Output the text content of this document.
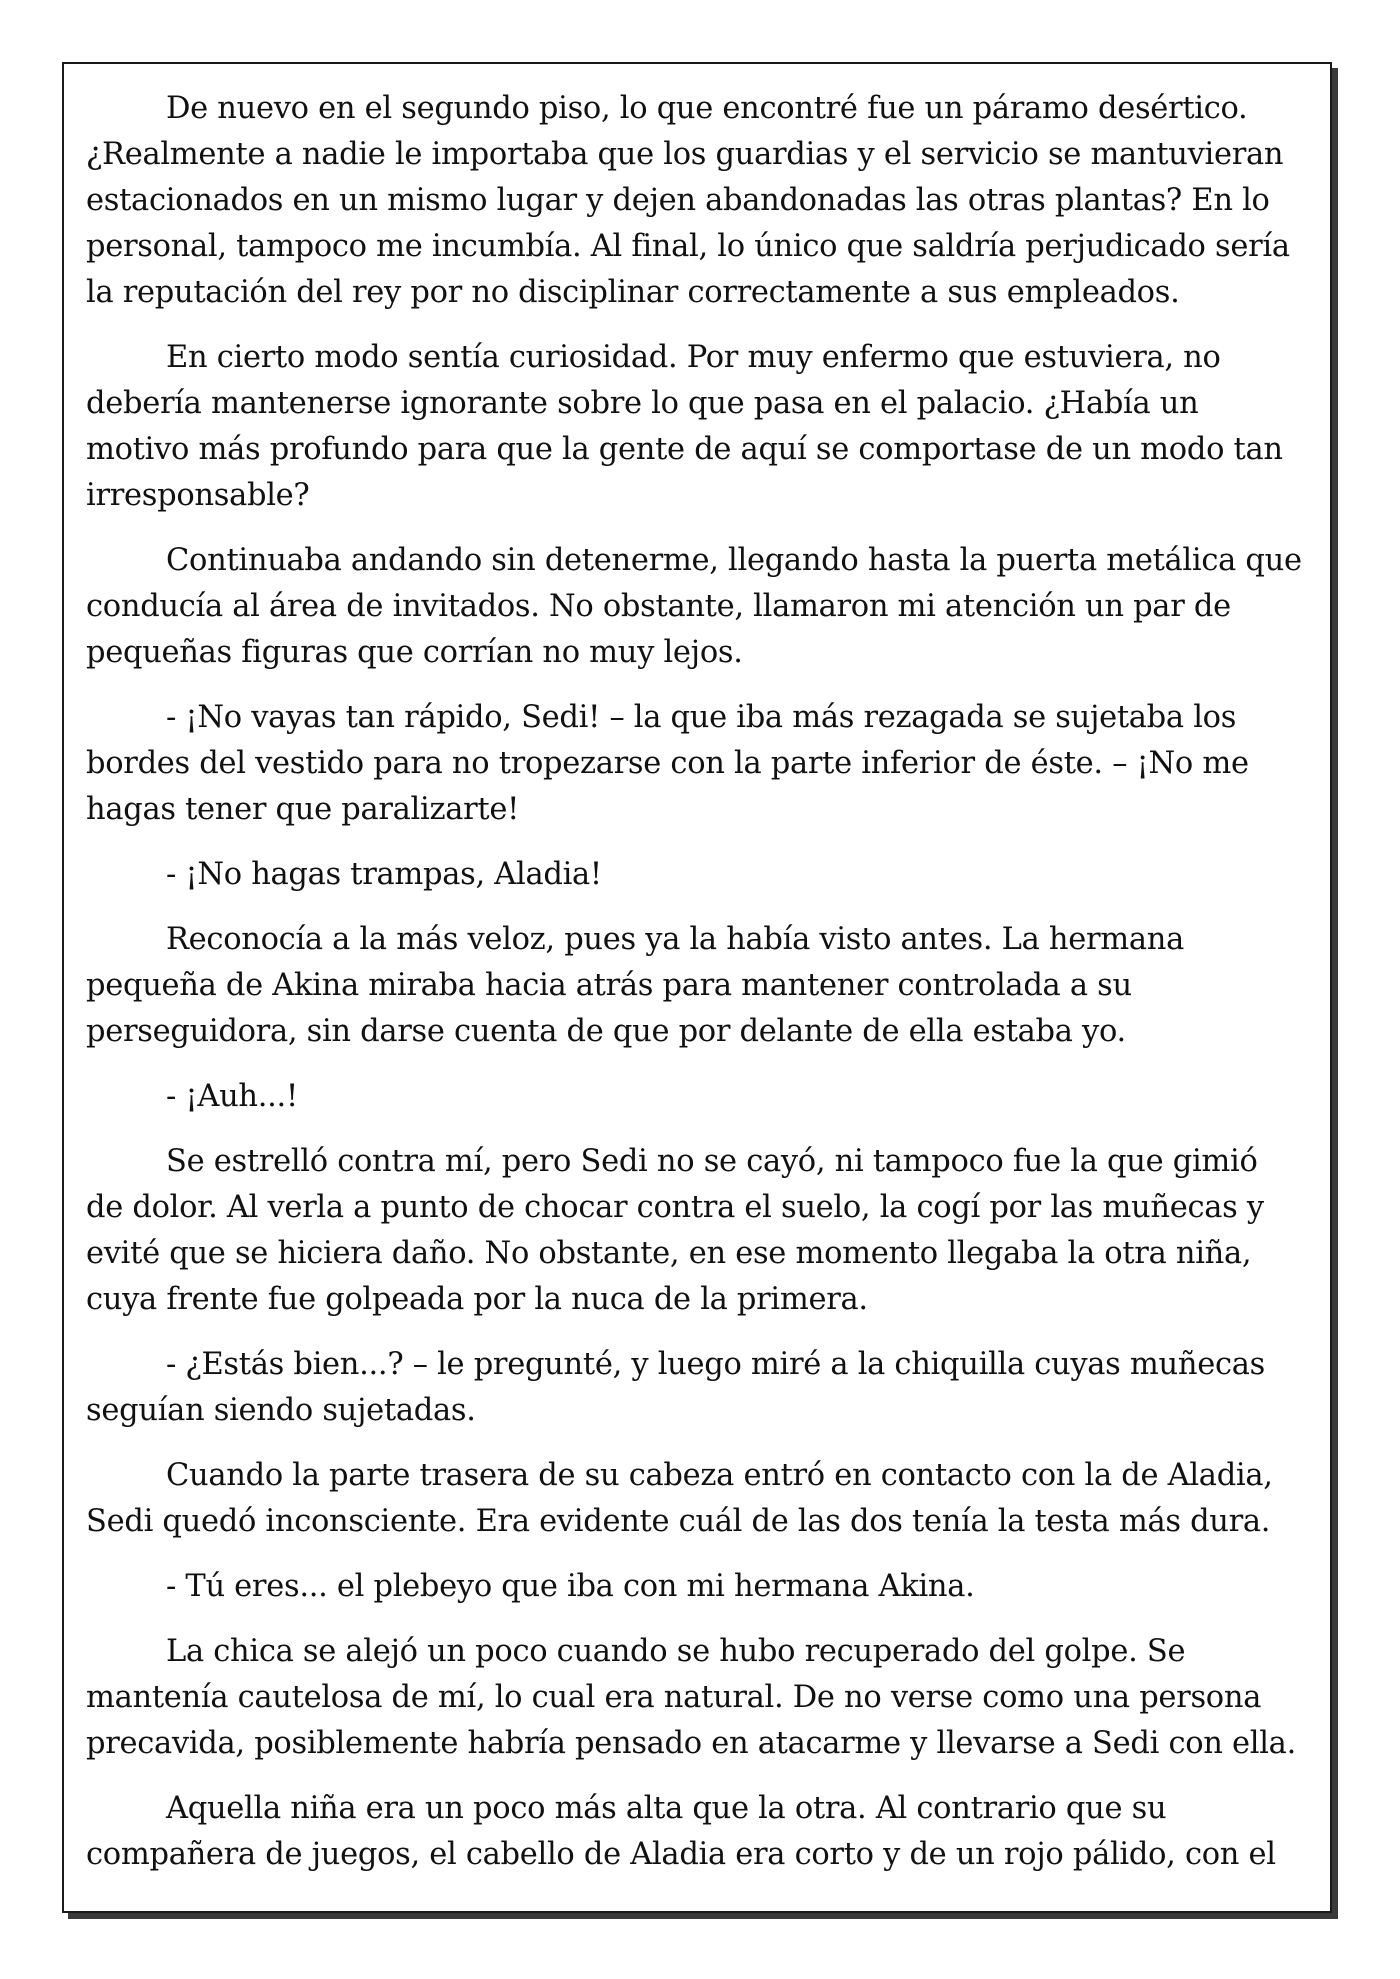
De nuevo en el segundo piso, lo que encontré fue un páramo desértico. ¿Realmente a nadie le importaba que los guardias y el servicio se mantuvieran estacionados en un mismo lugar y dejen abandonadas las otras plantas? En lo personal, tampoco me incumbía. Al final, lo único que saldría perjudicado sería la reputación del rey por no disciplinar correctamente a sus empleados.

En cierto modo sentía curiosidad. Por muy enfermo que estuviera, no debería mantenerse ignorante sobre lo que pasa en el palacio. ¿Había un motivo más profundo para que la gente de aquí se comportase de un modo tan irresponsable?

Continuaba andando sin detenerme, llegando hasta la puerta metálica que conducía al área de invitados. No obstante, llamaron mi atención un par de pequeñas figuras que corrían no muy lejos.

- ¡No vayas tan rápido, Sedi! – la que iba más rezagada se sujetaba los bordes del vestido para no tropezarse con la parte inferior de éste. – ¡No me hagas tener que paralizarte!

- ¡No hagas trampas, Aladia!

Reconocía a la más veloz, pues ya la había visto antes. La hermana pequeña de Akina miraba hacia atrás para mantener controlada a su perseguidora, sin darse cuenta de que por delante de ella estaba yo.

- ¡Auh...!

Se estrelló contra mí, pero Sedi no se cayó, ni tampoco fue la que gimió de dolor. Al verla a punto de chocar contra el suelo, la cogí por las muñecas y evité que se hiciera daño. No obstante, en ese momento llegaba la otra niña, cuya frente fue golpeada por la nuca de la primera.

- ¿Estás bien...? – le pregunté, y luego miré a la chiquilla cuyas muñecas seguían siendo sujetadas.

Cuando la parte trasera de su cabeza entró en contacto con la de Aladia, Sedi quedó inconsciente. Era evidente cuál de las dos tenía la testa más dura.

- Tú eres... el plebeyo que iba con mi hermana Akina.

La chica se alejó un poco cuando se hubo recuperado del golpe. Se mantenía cautelosa de mí, lo cual era natural. De no verse como una persona precavida, posiblemente habría pensado en atacarme y llevarse a Sedi con ella.

Aquella niña era un poco más alta que la otra. Al contrario que su compañera de juegos, el cabello de Aladia era corto y de un rojo pálido, con el
